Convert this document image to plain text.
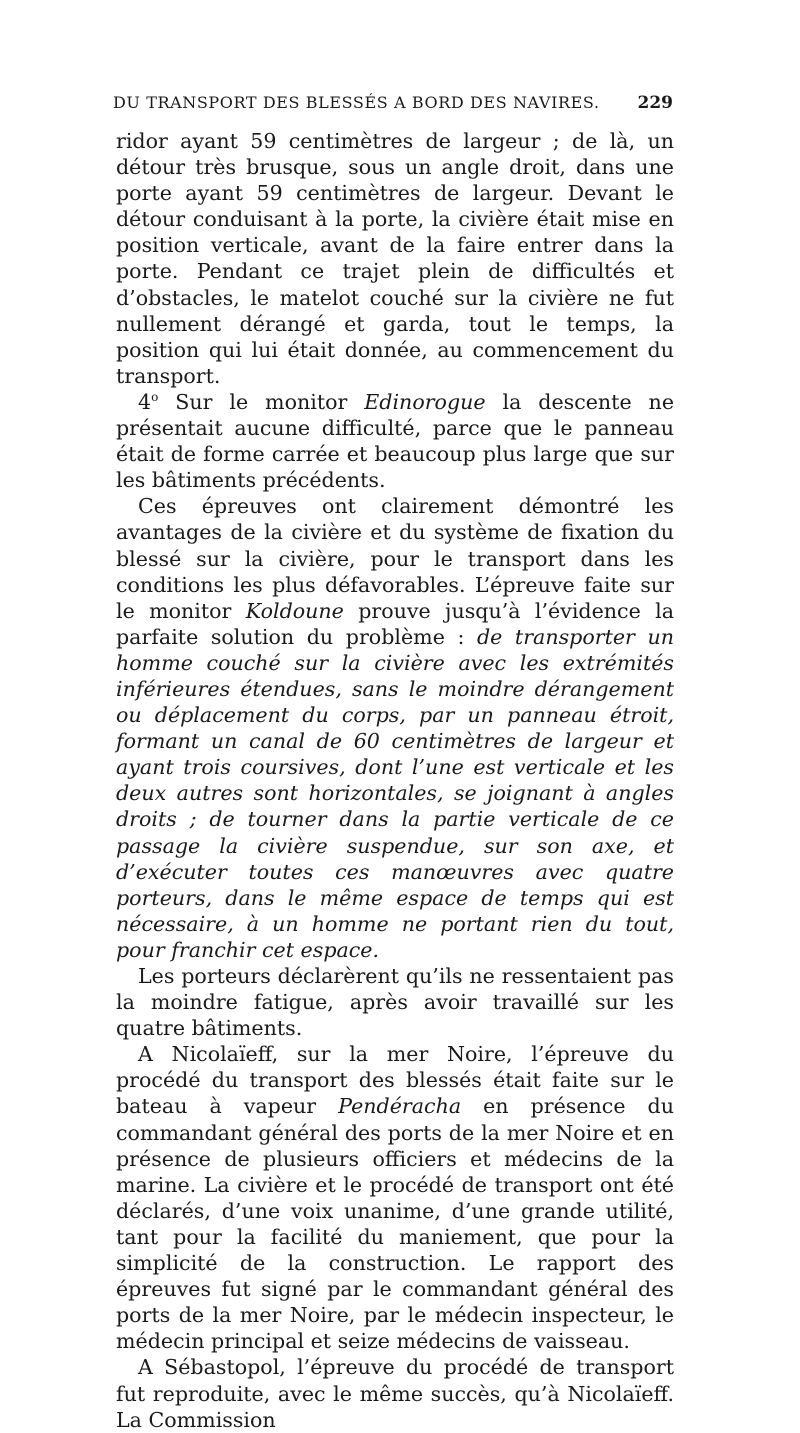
DU TRANSPORT DES BLESSÉS A BORD DES NAVIRES. 229

ridor ayant 59 centimètres de largeur ; de là, un détour très brusque, sous un angle droit, dans une porte ayant 59 centimètres de largeur. Devant le détour conduisant à la porte, la civière était mise en position verticale, avant de la faire entrer dans la porte. Pendant ce trajet plein de difficultés et d’obstacles, le matelot couché sur la civière ne fut nullement dérangé et garda, tout le temps, la position qui lui était donnée, au commencement du transport.

4$^o$ Sur le monitor Edinorogue la descente ne présentait aucune difficulté, parce que le panneau était de forme carrée et beaucoup plus large que sur les bâtiments précédents.

Ces épreuves ont clairement démontré les avantages de la civière et du système de fixation du blessé sur la civière, pour le transport dans les conditions les plus défavorables. L’épreuve faite sur le monitor Koldoune prouve jusqu’à l’évidence la parfaite solution du problème : de transporter un homme couché sur la civière avec les extrémités inférieures étendues, sans le moindre dérangement ou déplacement du corps, par un panneau étroit, formant un canal de 60 centimètres de largeur et ayant trois coursives, dont l’une est verticale et les deux autres sont horizontales, se joignant à angles droits ; de tourner dans la partie verticale de ce passage la civière suspendue, sur son axe, et d’exécuter toutes ces manœuvres avec quatre porteurs, dans le même espace de temps qui est nécessaire, à un homme ne portant rien du tout, pour franchir cet espace.

Les porteurs déclarèrent qu’ils ne ressentaient pas la moindre fatigue, après avoir travaillé sur les quatre bâtiments.

A Nicolaïeff, sur la mer Noire, l’épreuve du procédé du transport des blessés était faite sur le bateau à vapeur Pendéracha en présence du commandant général des ports de la mer Noire et en présence de plusieurs officiers et médecins de la marine. La civière et le procédé de transport ont été déclarés, d’une voix unanime, d’une grande utilité, tant pour la facilité du maniement, que pour la simplicité de la construction. Le rapport des épreuves fut signé par le commandant général des ports de la mer Noire, par le médecin inspecteur, le médecin principal et seize médecins de vaisseau.

A Sébastopol, l’épreuve du procédé de transport fut reproduite, avec le même succès, qu’à Nicolaïeff. La Commission
